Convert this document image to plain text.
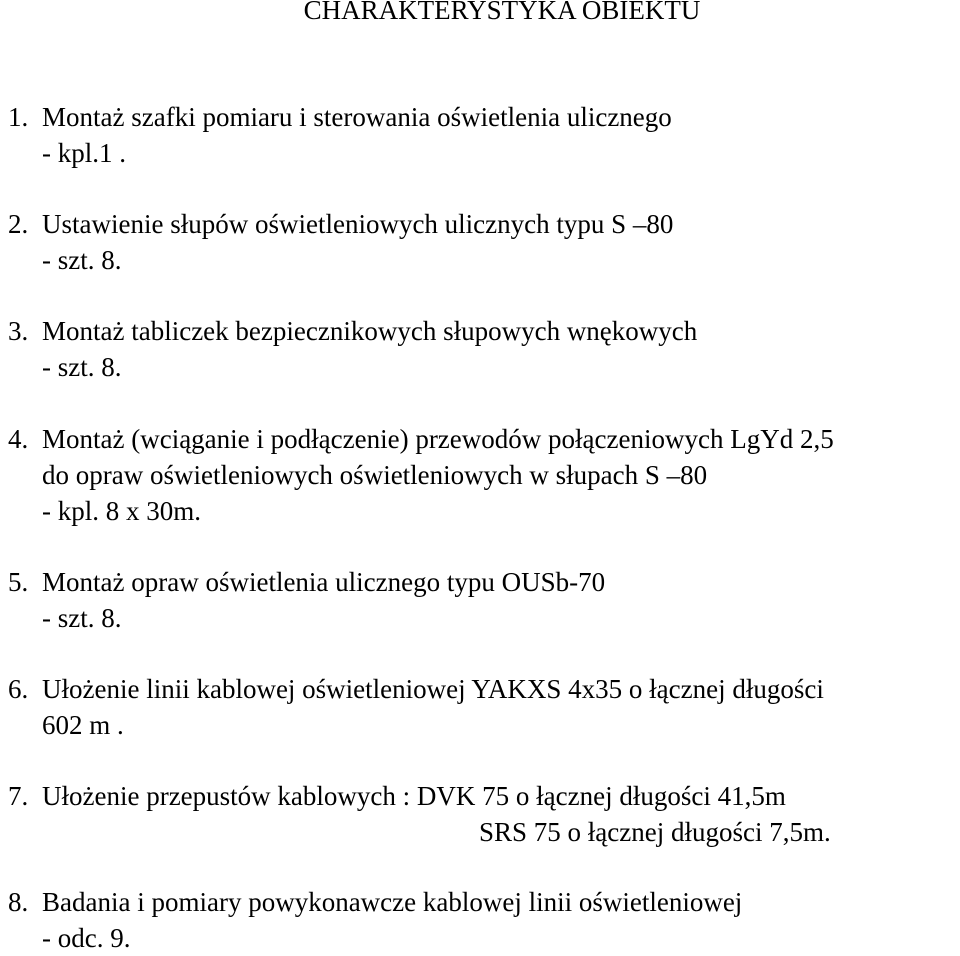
CHARAKTERYSTYKA OBIEKTU
1. Montaż szafki pomiaru i sterowania oświetlenia ulicznego
- kpl.1 .
2. Ustawienie słupów oświetleniowych ulicznych typu S –80
- szt. 8.
3. Montaż tabliczek bezpiecznikowych słupowych wnękowych
- szt. 8.
4. Montaż (wciąganie i podłączenie) przewodów połączeniowych LgYd 2,5
do opraw oświetleniowych oświetleniowych w słupach S –80
- kpl. 8 x 30m.
5. Montaż opraw oświetlenia ulicznego typu OUSb-70
- szt. 8.
6. Ułożenie linii kablowej oświetleniowej YAKXS 4x35 o łącznej długości
602 m .
7. Ułożenie przepustów kablowych : DVK 75 o łącznej długości 41,5m
SRS 75 o łącznej długości 7,5m.
8. Badania i pomiary powykonawcze kablowej linii oświetleniowej
- odc. 9.
